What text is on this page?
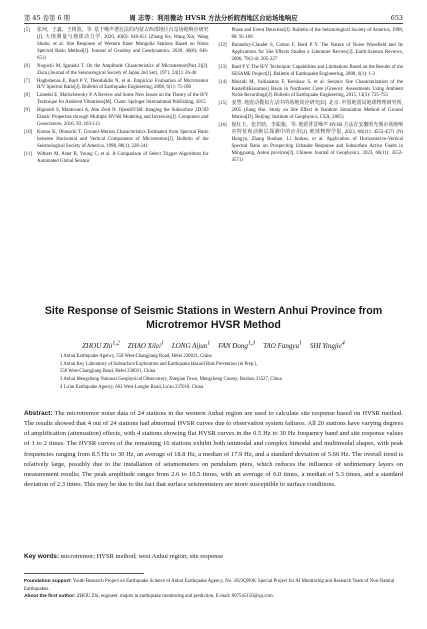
第 45 卷第 6 期	周 志等：利用微动 HVSR 方法分析皖西地区台站场地响应	653
[5]	张珂，王鑫，王树波，等. 基于噪声谱比法的内蒙古西部地区台站场地响应研究[J]. 大地测量与地球动力学, 2020, 40(6): 646-651 (Zhang Ke, Wang Xin, Wang Shubo, et al. Site Response of Western Inner Mongolia Stations Based on Noise Spectral Ratio Method[J]. Journal of Geodesy and Geodynamics, 2020, 40(6): 646-651)
[6]	Noguchi M, Igarashi T. On the Amplitude Characteristics of Microtremor(Part 2)[J]. Zisin (Journal of the Seismological Society of Japan 2nd Ser), 1971, 24(1): 26-40
[7]	Haghshenas E, Bard P Y, Theodulidis N, et al. Empirical Evaluation of Microtremor H/V Spectral Ratio[J]. Bulletin of Earthquake Engineering, 2008, 6(1): 75-108
[8]	Lunedei E, Malischewsky P. A Review and Some New Issues on the Theory of the H/V Technique for Ambient Vibrations[M]. Cham: Springer International Publishing, 2015
[9]	Bignardi S, Mantovani A, Abu Zeid N. OpenHVSR: Imaging the Subsurface 2D/3D Elastic Properties through Multiple HVSR Modeling and Inversion[J]. Computers and Geosciences, 2016, 93: 103-113
[10] Konno K, Ohmachi T. Ground-Motion Characteristics Estimated from Spectral Ratio between Horizontal and Vertical Components of Microtremor[J]. Bulletin of the Seismological Society of America, 1998, 88(1): 228-241
[11]	Withers M, Aster R, Young C, et al. A Comparison of Select Trigger Algorithms for Automated Global Seismic
Phase and Event Detection[J]. Bulletin of the Seismological Society of America, 1998, 88: 95-106
[12] Bonnefoy-Claudet S, Cotton F, Bard P Y. The Nature of Noise Wavefield and Its Applications for Site Effects Studies a Literature Review[J]. Earth-Science Reviews, 2006, 79(3-4): 205-227
[13] Bard P Y. The H/V Technique: Capabilities and Limitations Based on the Results of the SESAME Project[J]. Bulletin of Earthquake Engineering, 2008, 6(1): 1-2
[14] Moisidi M, Vallianatos F, Kershaw S, et al. Seismic Site Characterization of the Kastelli(Kissamos) Basin in Northwest Crete (Greece): Assessments Using Ambient Noise Recordings[J]. Bulletin of Earthquake Engineering, 2015, 13(3): 725-753
[15] 姜慧. 地震动模拟方法中的场地效应研究[D]. 北京: 中国地震局地球物理研究所, 2005 (Jiang Hui. Study on Site Effect in Random Simulation Method of Ground Motion[D]. Beijing: Institute of Geophysics, CEA, 2005)
[16] 倪红玉，张若晗，李振俊，等. 地震背景噪声 HVSR 方法在安徽明光城市场地响应特征和活断层探测中的应用[J]. 地球物理学报, 2023, 66(11): 4552-4571 (Ni Hongyu, Zhang Ruohan, Li Junhao, et al. Application of Horizontal-to-Vertical Spectral Ratio on Prospecting Urbanite Response and Subsurface Active Faults in Mingguang, Anhui province[J]. Chinese Journal of Geophysics, 2023, 66(11): 4552-4571)
Site Response of Seismic Stations in Western Anhui Province from Microtremor HVSR Method
ZHOU Zhi$^{1,2}$ ZHAO Xilei$^1$ LONG Aijun$^1$ FAN Dong$^{1,3}$ TAO Fangyu$^1$ SHI Yingjie$^4$
1 Anhui Earthquake Agency, 558 West-Changjiang Road, Hefei 230031, China
2 Anhui Key Laboratory of Subsurface Exploration and Earthquake Hazard Risk Prevention (in Prep.),
558 West-Changjiang Road, Hefei 230031, China
3 Anhui Mengcheng National Geophysical Observatory, Xuegian Town, Mengcheng County, Bozhou 33527, China
4 Lu'an Earthquake Agency, 662 West-Longhe Road, Lu'an 237010, China
Abstract: The microtremor noise data of 24 stations in the western Anhui region are used to calculate site response based on HVSR method. The results showed that 4 out of 24 stations had abnormal HVSR curves due to observation system failures. All 20 stations have varying degrees of amplification (attenuation) effects, with 4 stations showing flat HVSR curves in the 0.5 Hz to 30 Hz frequency band and site response values of 1 to 2 times. The HVSR curves of the remaining 16 stations exhibit both unimodal and complex bimodal and multimodal shapes, with peak frequencies ranging from 8.5 Hz to 30 Hz, an average of 18.8 Hz, a median of 17.9 Hz, and a standard deviation of 5.66 Hz. The overall trend is relatively large, possibly due to the installation of seismometers on pendulum piers, which reduces the influence of sedimentary layers on measurement results; The peak amplitude ranges from 2.6 to 10.5 times, with an average of 6.0 times, a median of 5.3 times, and a standard deviation of 2.3 times. This may be due to the fact that surface seismometers are more susceptible to surface conditions.
Key words: microtremor; HVSR method; west Anhui region; site response
Foundation support: Youth Research Project on Earthquake Science of Anhui Earthquake Agency, No. 2023QN06; Special Project for AI Monitoring and Research Team of Non-Natural Earthquakes.
About the first author: ZHOU Zhi, engineer, majors in earthquake monitoring and prediction, E-mail: 807545150@qq.com.
